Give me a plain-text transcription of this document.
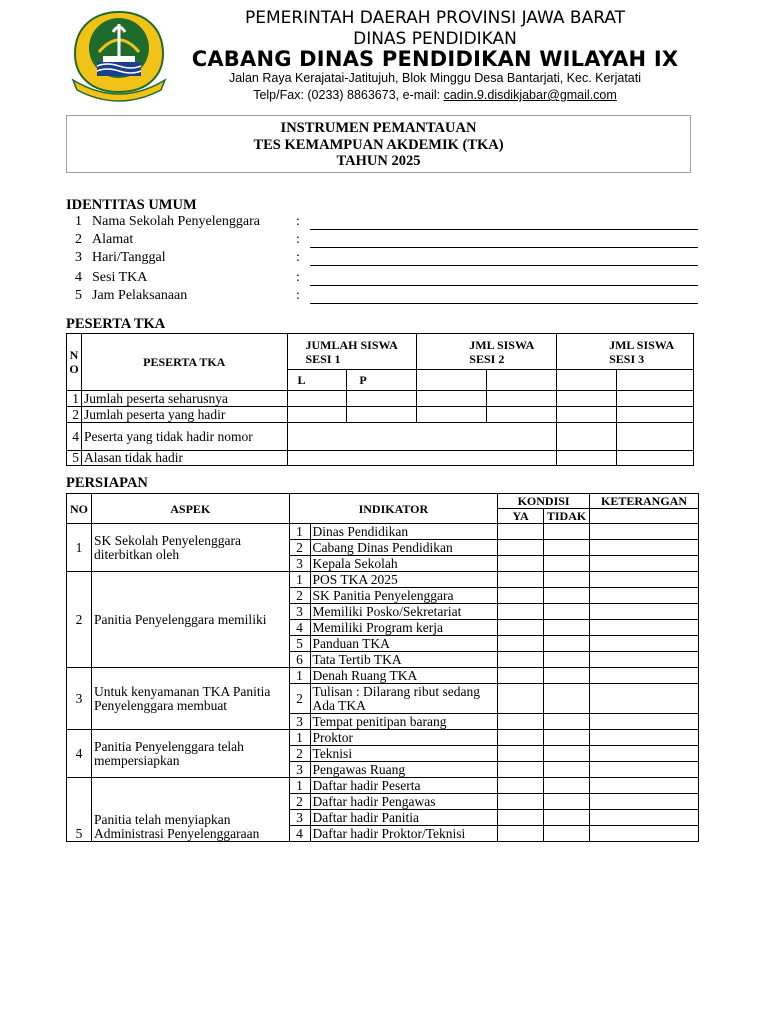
PEMERINTAH DAERAH PROVINSI JAWA BARAT
DINAS PENDIDIKAN
CABANG DINAS PENDIDIKAN WILAYAH IX
Jalan Raya Kerajatai-Jatitujuh, Blok Minggu Desa Bantarjati, Kec. Kerjatati
Telp/Fax: (0233) 8863673, e-mail: cadin.9.disdikjabar@gmail.com
INSTRUMEN PEMANTAUAN
TES KEMAMPUAN AKDEMIK (TKA)
TAHUN 2025
IDENTITAS UMUM
1 Nama Sekolah Penyelenggara	:
2 Alamat	:
3 Hari/Tanggal	:
4 Sesi TKA	:
5 Jam Pelaksanaan	:
PESERTA TKA
N O	PESERTA TKA	JUMLAH SISWA SESI 1		JML SISWA SESI 2		JML SISWA SESI 3	
		L	P				
1	Jumlah peserta seharusnya						
2	Jumlah peserta yang hadir						
4	Peserta yang tidak hadir nomor						
5	Alasan tidak hadir						
PERSIAPAN
NO	ASPEK	INDIKATOR		KONDISI		KETERANGAN
				YA	TIDAK	
1	SK Sekolah Penyelenggara diterbitkan oleh	1	Dinas Pendidikan			
		2	Cabang Dinas Pendidikan			
		3	Kepala Sekolah			
2	Panitia Penyelenggara memiliki	1	POS TKA 2025			
		2	SK Panitia Penyelenggara			
		3	Memiliki Posko/Sekretariat			
		4	Memiliki Program kerja			
		5	Panduan TKA			
		6	Tata Tertib TKA			
3	Untuk kenyamanan TKA Panitia Penyelenggara membuat	1	Denah Ruang TKA			
		2	Tulisan : Dilarang ribut sedang Ada TKA			
		3	Tempat penitipan barang			
4	Panitia Penyelenggara telah mempersiapkan	1	Proktor			
		2	Teknisi			
		3	Pengawas Ruang			
5	Panitia telah menyiapkan Administrasi Penyelenggaraan	1	Daftar hadir Peserta			
		2	Daftar hadir Pengawas			
		3	Daftar hadir Panitia			
		4	Daftar hadir Proktor/Teknisi			
